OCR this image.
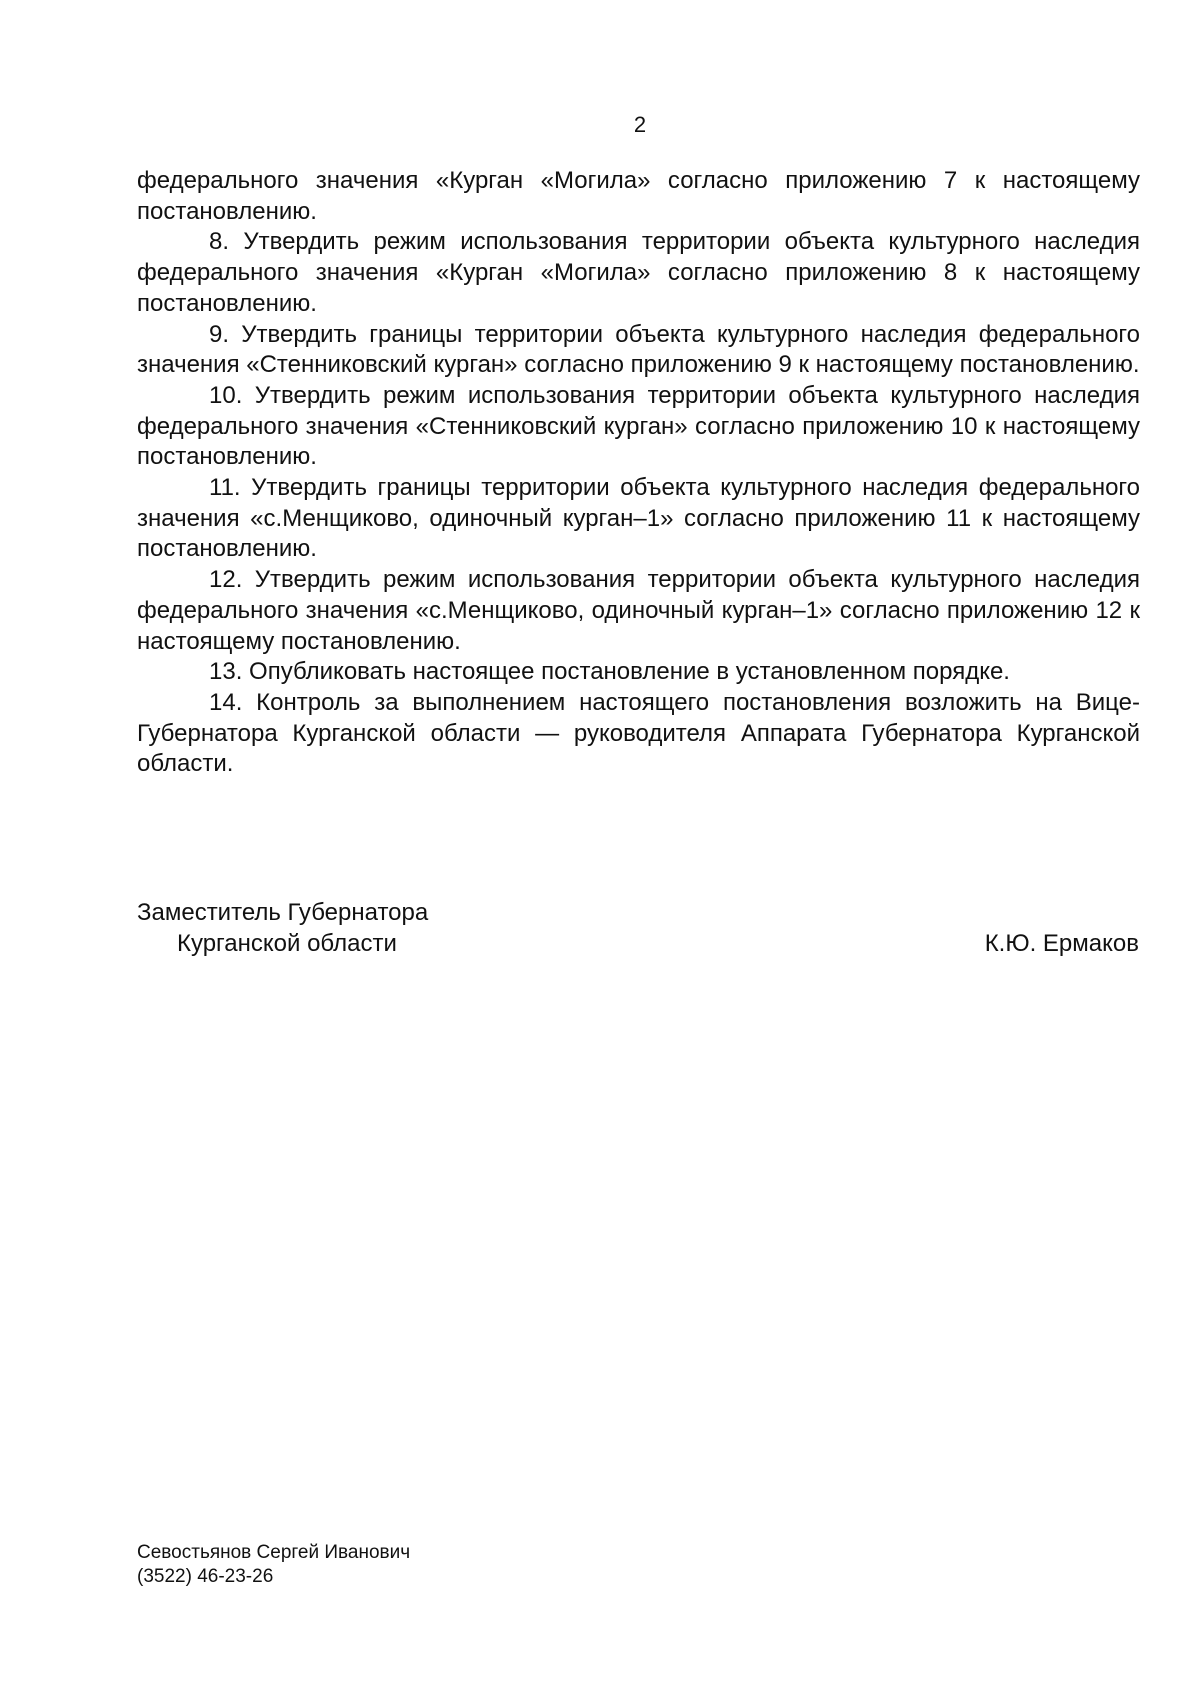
2

федерального значения «Курган «Могила» согласно приложению 7 к настоящему постановлению.

8. Утвердить режим использования территории объекта культурного наследия федерального значения «Курган «Могила» согласно приложению 8 к настоящему постановлению.

9. Утвердить границы территории объекта культурного наследия федерального значения «Стенниковский курган» согласно приложению 9 к настоящему постановлению.

10. Утвердить режим использования территории объекта культурного наследия федерального значения «Стенниковский курган» согласно приложению 10 к настоящему постановлению.

11. Утвердить границы территории объекта культурного наследия федерального значения «с.Менщиково, одиночный курган–1» согласно приложению 11 к настоящему постановлению.

12. Утвердить режим использования территории объекта культурного наследия федерального значения «с.Менщиково, одиночный курган–1» согласно приложению 12 к настоящему постановлению.

13. Опубликовать настоящее постановление в установленном порядке.

14. Контроль за выполнением настоящего постановления возложить на Вице-Губернатора Курганской области — руководителя Аппарата Губернатора Курганской области.

Заместитель Губернатора
Курганской области	К.Ю. Ермаков
Севостьянов Сергей Иванович
(3522) 46-23-26
